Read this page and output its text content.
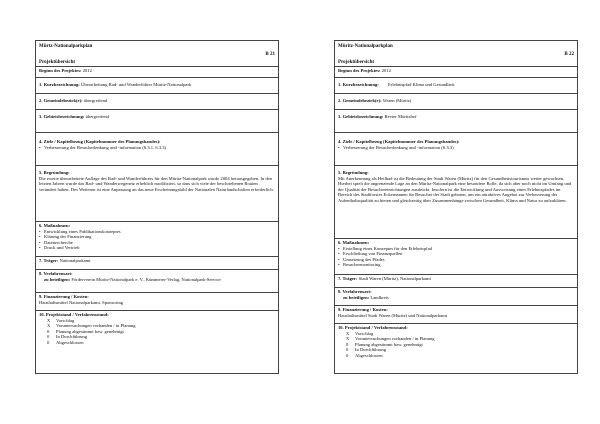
Mürtz-Nationalparkplan
B 21
Projektübersicht
Beginn des Projektes: 2012
1. Kurzbezeichnung: Überarbeitung Rad- und Wanderführer Müritz-Nationalpark
2. Gemeindebezirk(e): übergreifend
3. Gebietsbezeichnung: übergreifend
4. Ziele / Kapitelbezug (Kapitelnummer des Planungsbandes):
• Verbesserung der Besucherlenkung und -information (6.3.1, 6.3.3)
5. Begründung:

Die zweite überarbeitete Auflage des Rad- und Wanderführers für den Müritz-Nationalpark wurde 2004 herausgegeben. In den letzten Jahren wurde das Rad- und Wanderwegenetz erheblich modifiziert, so dass sich viele der beschriebenen Routen verändert haben. Des Weiteren ist eine Anpassung an das neue Erscheinungsbild der Nationalen Naturlandschaften erforderlich.

6. Maßnahmen:
• Entwicklung eines Publikationskonzeptes
• Klärung der Finanzierung
• Datenrecherche
• Druck und Vertrieb
7. Träger: Nationalparkamt
8. Verfahrensart:
zu beteiligen: Förderverein Müritz-Nationalpark e. V., Kümmerer-Verlag, Nationalpark-Service
9. Finanzierung / Kosten:
Haushaltsmittel Nationalparkamt, Sponsoring
10. Projektstand / Verfahrensstand:
X	Vorschlag
X	Voruntersuchungen vorhanden / in Planung
0	Planung abgestimmt bzw. genehmigt
0	In Durchführung
0	Abgeschlossen
Müritz-Nationalparkplan
B 22
Projektübersicht
Beginn des Projektes: 2012
1. Kurzbezeichnung: Erlebnispfad Klima und Gesundheit
2. Gemeindebezirk(e): Waren (Müritz)
3. Gebietsbezeichnung: Revier Müritzhof
4. Ziele / Kapitelbezug (Kapitelnummer des Planungsbandes):
• Verbesserung der Besucherlenkung und -information (6.3.3)
5. Begründung:

Mit Anerkennung als Heilbad ist die Bedeutung der Stadt Waren (Müritz) für den Gesundheitstourismus weiter gewachsen. Hierbei spielt die angrenzende Lage an den Müritz-Nationalpark eine besondere Rolle, da sich aber noch nicht im Umfang und der Qualität der Besuchereinrichtungen ausdrückt. Insofern ist die Entwicklung und Ausweisung eines Erlebnispfades im Bereich des Stadtforstes Eckernannen für Besucher der Stadt geboten, um ein attraktives Angebot zur Verbesserung der Aufenthaltsqualität zu bieten und gleichzeitig über Zusammenhänge zwischen Gesundheit, Klima und Natur zu aufzuklären.

6. Maßnahmen:
• Erstellung eines Konzeptes für den Erlebnispfad
• Erschließung von Finanzquellen
• Umsetzung des Pfades
• Besuchermonitoring
7. Träger: Stadt Waren (Müritz), Nationalparkamt
8. Verfahrensart:
zu beteiligen: Landkreis
9. Finanzierung / Kosten:
Haushaltsmittel Stadt Waren (Müritz) und Nationalparkamt
10. Projektstand / Verfahrensstand:
X	Vorschlag
X	Voruntersuchungen vorhanden / in Planung
0	Planung abgestimmt bzw. genehmigt
0	In Durchführung
0	Abgeschlossen
